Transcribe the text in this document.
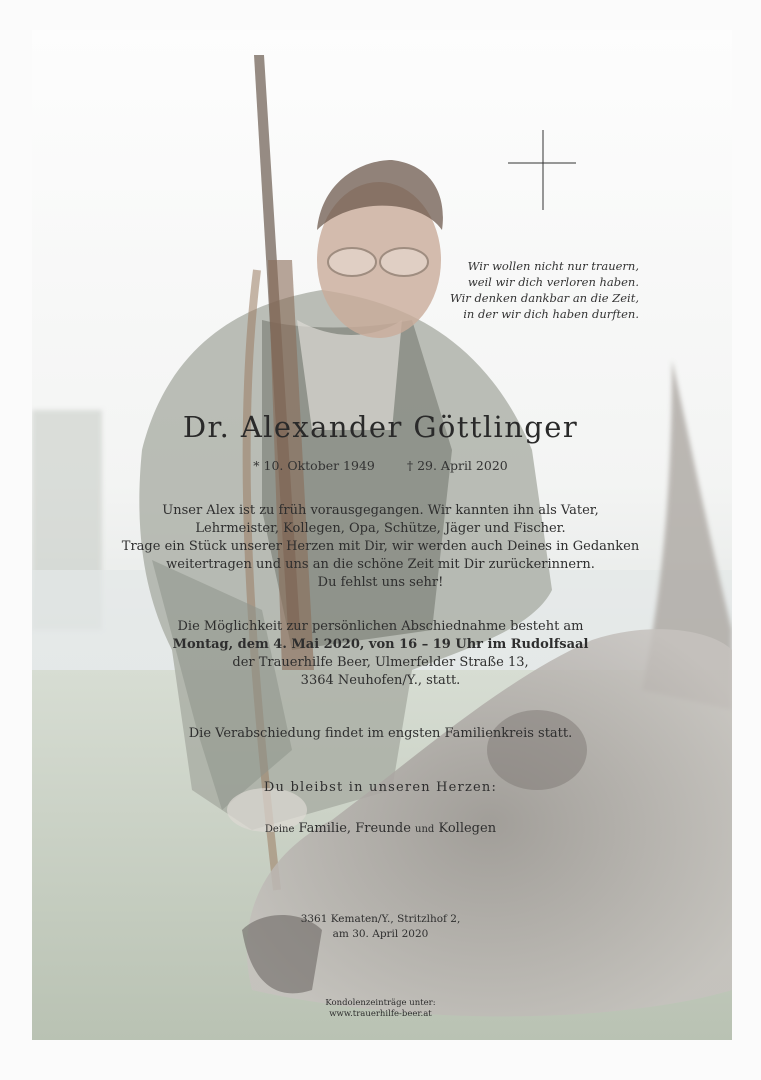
Wir wollen nicht nur trauern,
weil wir dich verloren haben.
Wir denken dankbar an die Zeit,
in der wir dich haben durften.
Dr. Alexander Göttlinger
* 10. Oktober 1949	† 29. April 2020
Unser Alex ist zu früh vorausgegangen. Wir kannten ihn als Vater,
Lehrmeister, Kollegen, Opa, Schütze, Jäger und Fischer.
Trage ein Stück unserer Herzen mit Dir, wir werden auch Deines in Gedanken
weitertragen und uns an die schöne Zeit mit Dir zurückerinnern.
Du fehlst uns sehr!
Die Möglichkeit zur persönlichen Abschiednahme besteht am
Montag, dem 4. Mai 2020, von 16 – 19 Uhr im Rudolfsaal
der Trauerhilfe Beer, Ulmerfelder Straße 13,
3364 Neuhofen/Y., statt.
Die Verabschiedung findet im engsten Familienkreis statt.
Du bleibst in unseren Herzen:
Deine Familie, Freunde und Kollegen
3361 Kematen/Y., Stritzlhof 2,
am 30. April 2020
Kondolenzeinträge unter:
www.trauerhilfe-beer.at
